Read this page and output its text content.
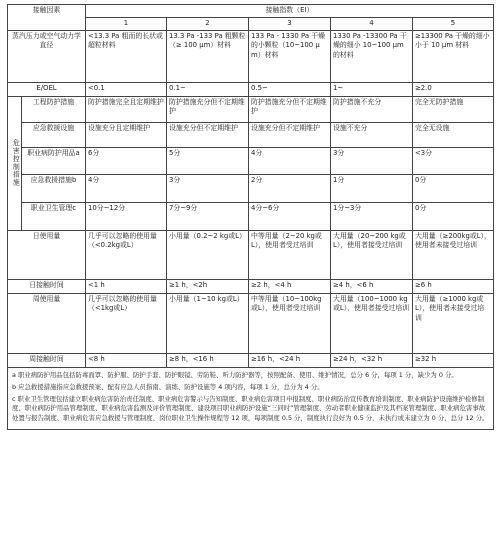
接触因素		接触指数（EI）				
		1	2	3	4	5
蒸汽压力或空气动力学直径		<13.3 Pa 粗而的长状或超粒材料	13.3 Pa -133 Pa 粗颗粒（≥ 100 μm）材料	133 Pa - 1330 Pa 干燥的小颗粒（10~100 μm）材料	1330 Pa -13300 Pa 干燥的细小 10~100 μm 的材料	≥13300 Pa 干燥的细小小于 10 μm 材料
E/OEL		<0.1	0.1~	0.5~	1~	≥2.0
危害控制措施	工程防护措施	防护措施完全且定期维护	防护措施充分但不定期维护	防护措施充分但不定期维护	防护措施不充分	完全无防护措施
	应急救援设施	设施充分且定期维护	设施充分但不定期维护	设施充分但不定期维护	设施不充分	完全无设施
	职业病防护用品a	6分	5分	4分	3分	<3分
	应急救援措施b	4分	3分	2分	1分	0分
	职业卫生管理c	10分~12分	7分~9分	4分~6分	1分~3分	0分
日使用量		几乎可以忽略的使用量（<0.2kg或L）	小用量（0.2~2 kg或L）	中等用量（2~20 kg或L），使用者受过培训	大用量（20~200 kg或L），使用者接受过培训	大用量（≥200kg或L），使用者未接受过培训
日接触时间		<1 h	≥1 h，<2h	≥2 h，<4 h	≥4 h，<6 h	≥6 h
周使用量		几乎可以忽略的使用量（<1kg或L）	小用量（1~10 kg或L）	中等用量（10~100kg或L），使用者受过培训	大用量（100~1000 kg或L），使用者接受过培训	大用量（≥1000 kg或L），使用者未接受过培训
周接触时间		<8 h	≥8 h，<16 h	≥16 h，<24 h	≥24 h，<32 h	≥32 h

a 职业病防护用品包括防毒面罩、防护服、防护手套、防护眼镜、劳防鞋、听力防护器等，按照配备、使用、维护情况，总分 6 分，每项 1 分，缺少为 0 分。

b 应急救援措施指应急救援预案、配有应急人员指南、演练、防护设施等 4 项内容，每项 1 分，总分为 4 分。

c 职业卫生管理包括建立职业病危害防治责任制度、职业病危害警示与告知制度、职业病危害项目申报制度、职业病防治宣传教育培训制度、职业病防护设施维护检修制度、职业病防护用品管理制度、职业病危害监测及评价管理制度、建设项目职业病防护设施“三同时”管理制度、劳动者职业健康监护及其档案管理制度、职业病危害事故处置与报告制度、职业病危害应急救援与管理制度、岗位职业卫生操作规程等 12 项，每项制度 0.5 分，制度执行良好为 0.5 分，未执行或未建立为 0 分，总分 12 分。						
